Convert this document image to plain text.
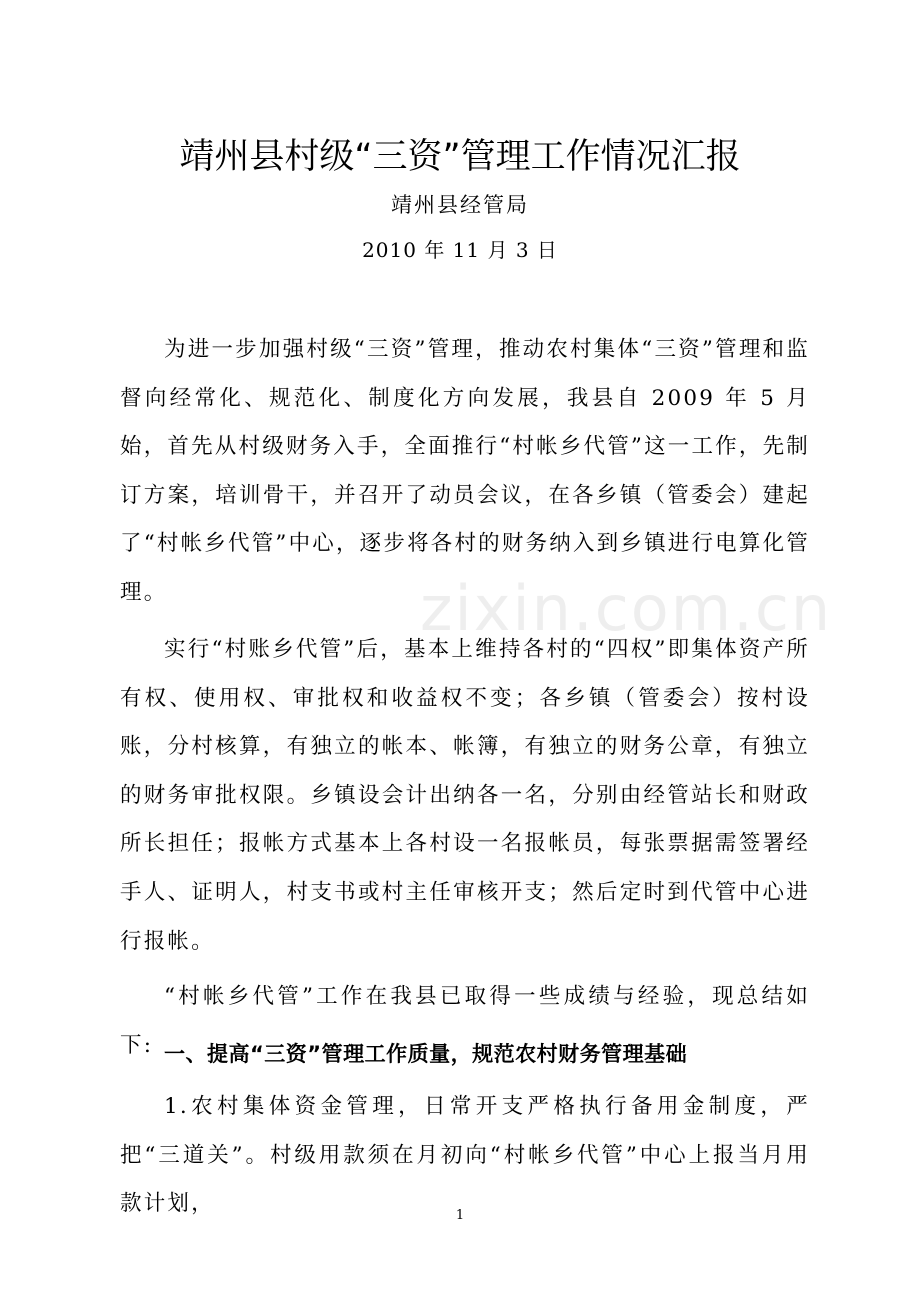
靖州县村级“三资”管理工作情况汇报
靖州县经管局
2010 年 11 月 3 日

为进一步加强村级“三资”管理，推动农村集体“三资”管理和监督向经常化、规范化、制度化方向发展，我县自 2009 年 5 月始，首先从村级财务入手，全面推行“村帐乡代管”这一工作，先制订方案，培训骨干，并召开了动员会议，在各乡镇（管委会）建起了“村帐乡代管”中心，逐步将各村的财务纳入到乡镇进行电算化管理。

实行“村账乡代管”后，基本上维持各村的“四权”即集体资产所有权、使用权、审批权和收益权不变；各乡镇（管委会）按村设账，分村核算，有独立的帐本、帐簿，有独立的财务公章，有独立的财务审批权限。乡镇设会计出纳各一名，分别由经管站长和财政所长担任；报帐方式基本上各村设一名报帐员，每张票据需签署经手人、证明人，村支书或村主任审核开支；然后定时到代管中心进行报帐。

“村帐乡代管”工作在我县已取得一些成绩与经验，现总结如下: 一、提高“三资”管理工作质量，规范农村财务管理基础

1.农村集体资金管理，日常开支严格执行备用金制度，严把“三道关”。村级用款须在月初向“村帐乡代管”中心上报当月用款计划，

zixin.com.cn
1
